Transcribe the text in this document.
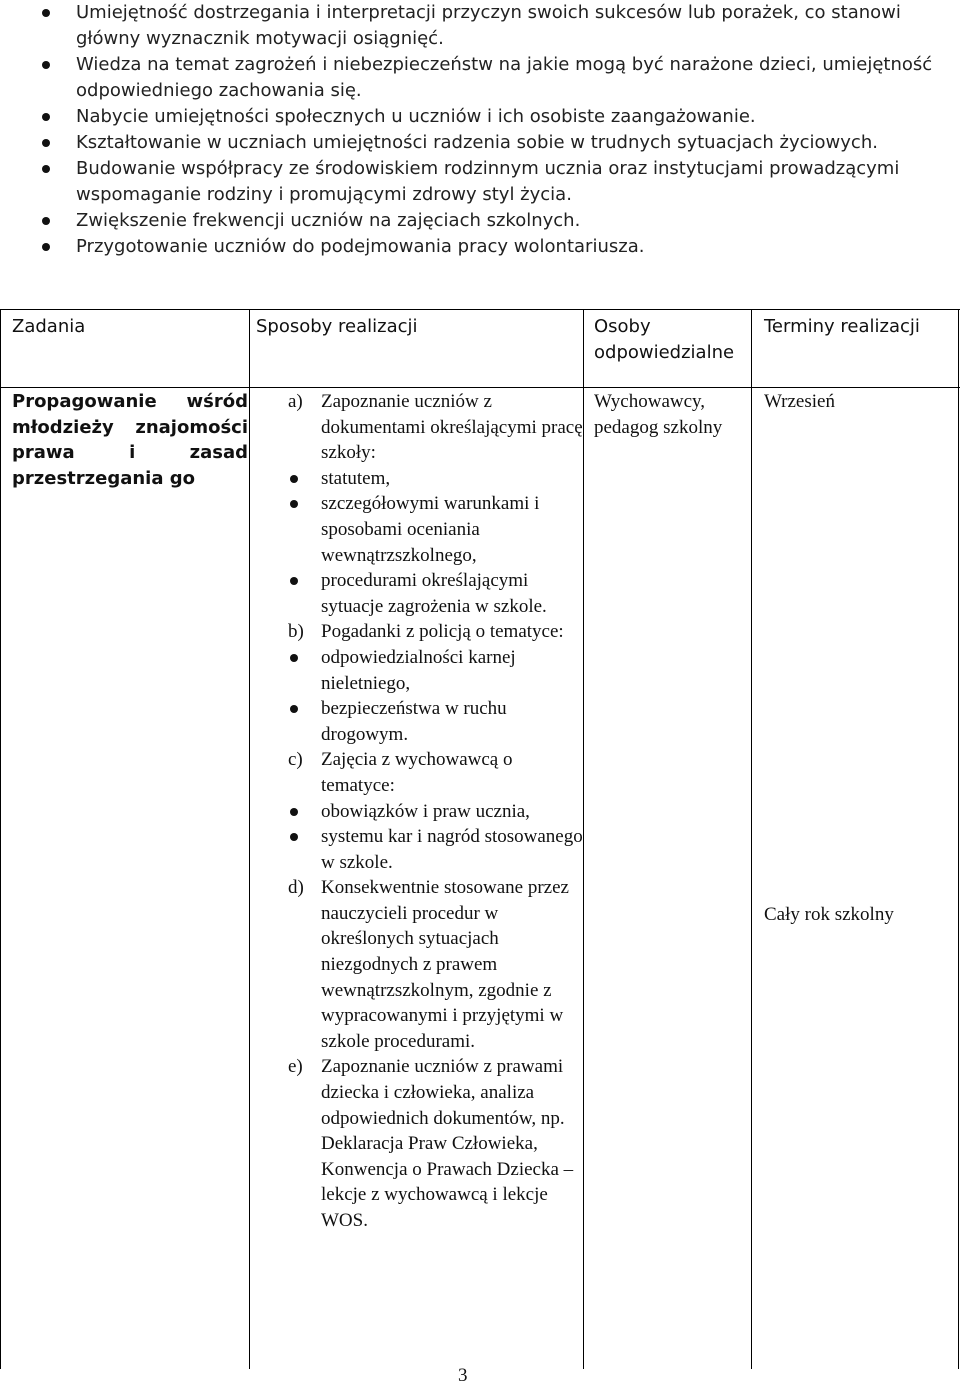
Umiejętność dostrzegania i interpretacji przyczyn swoich sukcesów lub porażek, co stanowi główny wyznacznik motywacji osiągnięć.

Wiedza na temat zagrożeń i niebezpieczeństw na jakie mogą być narażone dzieci, umiejętność odpowiedniego zachowania się.

Nabycie umiejętności społecznych u uczniów i ich osobiste zaangażowanie.

Kształtowanie w uczniach umiejętności radzenia sobie w trudnych sytuacjach życiowych.

Budowanie współpracy ze środowiskiem rodzinnym ucznia oraz instytucjami prowadzącymi wspomaganie rodziny i promującymi zdrowy styl życia.

Zwiększenie frekwencji uczniów na zajęciach szkolnych.

Przygotowanie uczniów do podejmowania pracy wolontariusza.

Zadania	Sposoby realizacji	Osoby odpowiedzialne
Terminy realizacji
Propagowanie wśród
młodzieży znajomości
prawa i zasad
przestrzegania go

a) Zapoznanie uczniów z dokumentami określającymi pracę szkoły:

statutem,

szczegółowymi warunkami i sposobami oceniania wewnątrzszkolnego,

procedurami określającymi sytuacje zagrożenia w szkole.

b) Pogadanki z policją o tematyce:

odpowiedzialności karnej nieletniego,

bezpieczeństwa w ruchu drogowym.

c) Zajęcia z wychowawcą o tematyce:

obowiązków i praw ucznia,

systemu kar i nagród stosowanego w szkole.

d) Konsekwentnie stosowane przez nauczycieli procedur w określonych sytuacjach niezgodnych z prawem wewnątrzszkolnym, zgodnie z wypracowanymi i przyjętymi w szkole procedurami.

e) Zapoznanie uczniów z prawami dziecka i człowieka, analiza odpowiednich dokumentów, np. Deklaracja Praw Człowieka, Konwencja o Prawach Dziecka – lekcje z wychowawcą i lekcje WOS.

Wychowawcy, pedagog szkolny
Wrzesień
Cały rok szkolny
3
